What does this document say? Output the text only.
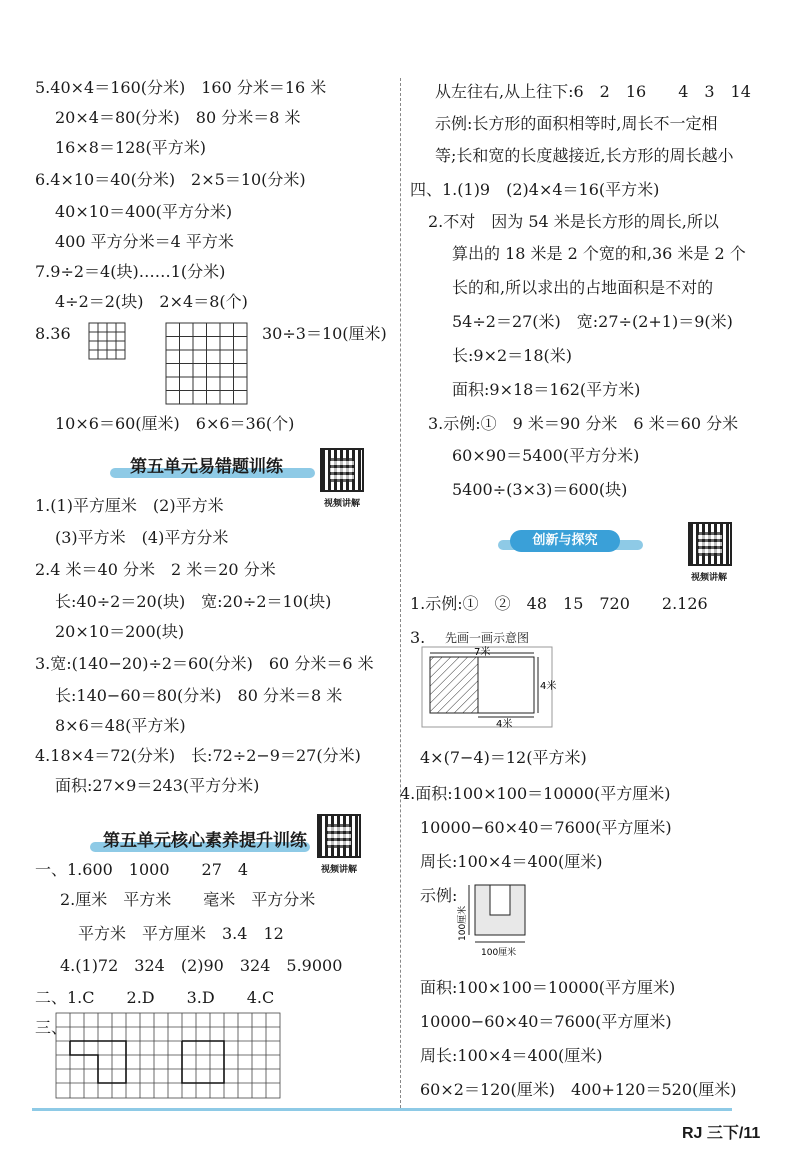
5.40×4＝160(分米)　160 分米＝16 米
20×4＝80(分米)　80 分米＝8 米
16×8＝128(平方米)
6.4×10＝40(分米)　2×5＝10(分米)
40×10＝400(平方分米)
400 平方分米＝4 平方米
7.9÷2＝4(块)……1(分米)
4÷2＝2(块)　2×4＝8(个)
8.36	30÷3＝10(厘米)
10×6＝60(厘米)　6×6＝36(个)
第五单元易错题训练
视频讲解
1.(1)平方厘米　(2)平方米
(3)平方米　(4)平方分米
2.4 米＝40 分米　2 米＝20 分米
长:40÷2＝20(块)　宽:20÷2＝10(块)
20×10＝200(块)
3.宽:(140−20)÷2＝60(分米)　60 分米＝6 米
长:140−60＝80(分米)　80 分米＝8 米
8×6＝48(平方米)
4.18×4＝72(分米)　长:72÷2−9＝27(分米)
面积:27×9＝243(平方分米)
第五单元核心素养提升训练
视频讲解
一、1.600　1000　　27　4
2.厘米　平方米　　毫米　平方分米
平方米　平方厘米　3.4　12
4.(1)72　324　(2)90　324　5.9000
二、1.C　　2.D　　3.D　　4.C
三、
从左往右,从上往下:6　2　16　　4　3　14
示例:长方形的面积相等时,周长不一定相
等;长和宽的长度越接近,长方形的周长越小
四、1.(1)9　(2)4×4＝16(平方米)
2.不对　因为 54 米是长方形的周长,所以
算出的 18 米是 2 个宽的和,36 米是 2 个
长的和,所以求出的占地面积是不对的
54÷2＝27(米)　宽:27÷(2+1)＝9(米)
长:9×2＝18(米)
面积:9×18＝162(平方米)
3.示例:①　9 米＝90 分米　6 米＝60 分米
60×90＝5400(平方分米)
5400÷(3×3)＝600(块)
创新与探究
视频讲解
1.示例:①　②　48　15　720　　2.126
3. 先画一画示意图
7米
4米
4米
4×(7−4)＝12(平方米)
4.面积:100×100＝10000(平方厘米)
10000−60×40＝7600(平方厘米)
周长:100×4＝400(厘米)
示例:
100厘米
100厘米
面积:100×100＝10000(平方厘米)
10000−60×40＝7600(平方厘米)
周长:100×4＝400(厘米)
60×2＝120(厘米)　400+120＝520(厘米)
RJ 三下/11
